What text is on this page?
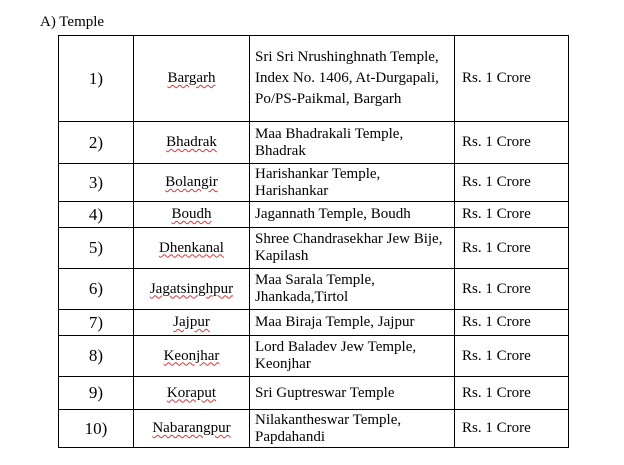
A) Temple
1)	Bargarh	Sri Sri Nrushinghnath Temple, Index No. 1406, At-Durgapali, Po/PS-Paikmal, Bargarh	Rs. 1 Crore
2)	Bhadrak	Maa Bhadrakali Temple, Bhadrak	Rs. 1 Crore
3)	Bolangir	Harishankar Temple, Harishankar	Rs. 1 Crore
4)	Boudh	Jagannath Temple, Boudh	Rs. 1 Crore
5)	Dhenkanal	Shree Chandrasekhar Jew Bije, Kapilash	Rs. 1 Crore
6)	Jagatsinghpur	Maa Sarala Temple, Jhankada,Tirtol	Rs. 1 Crore
7)	Jajpur	Maa Biraja Temple, Jajpur	Rs. 1 Crore
8)	Keonjhar	Lord Baladev Jew Temple, Keonjhar	Rs. 1 Crore
9)	Koraput	Sri Guptreswar Temple	Rs. 1 Crore
10)	Nabarangpur	Nilakantheswar Temple, Papdahandi	Rs. 1 Crore
